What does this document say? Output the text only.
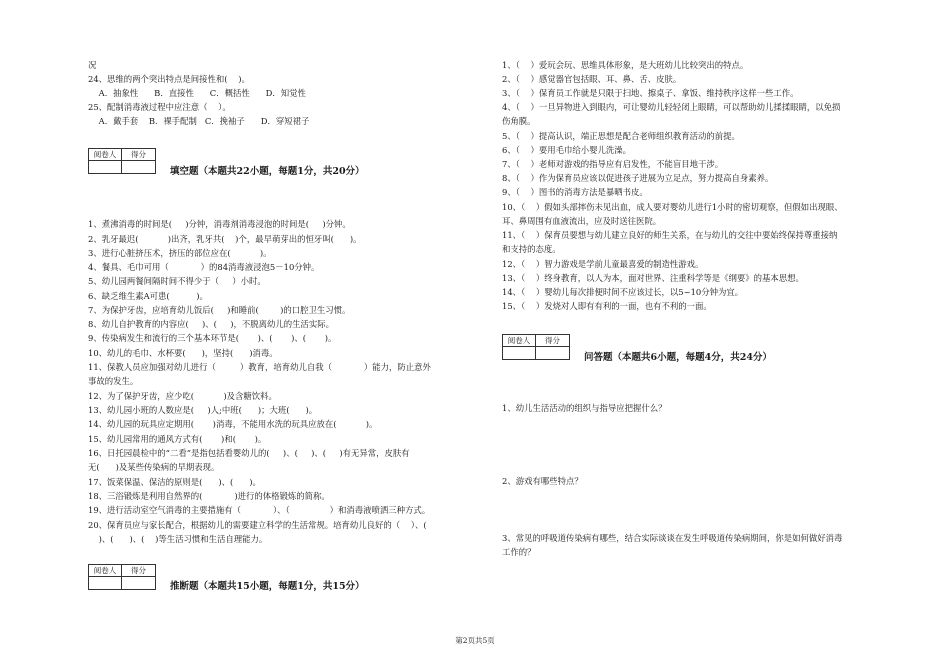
况
24、思维的两个突出特点是间接性和(    )。
A．抽象性      B．直接性      C．概括性      D．知觉性
25、配制消毒液过程中应注意（    ）。
A．戴手套    B．裸手配制   C．挽袖子      D．穿短裙子
阅卷人	得分
填空题（本题共22小题，每题1分，共20分）
1、煮沸消毒的时间是(     )分钟，消毒剂消毒浸泡的时间是(     )分钟。
2、乳牙最迟(           )出齐，乳牙共(    )个，最早萌芽出的恒牙叫(      )。
3、进行心脏挤压术，挤压的部位应在(           )。
4、餐具、毛巾可用（            ）的84消毒液浸泡5－10分钟。
5、幼儿园两餐间隔时间不得少于（     ）小时。
6、缺乏维生素A可患(          )。
7、为保护牙齿，应培育幼儿饭后(     )和睡前(        )的口腔卫生习惯。
8、幼儿自护教育的内容应(     )、(     )，不脱离幼儿的生活实际。
9、传染病发生和流行的三个基本环节是(       )、(       )、(       )。
10、幼儿的毛巾、水杯要(      )，坚持(      )消毒。
11、保教人员应加强对幼儿进行（         ）教育，培育幼儿自我（            ）能力，防止意外
事故的发生。
12、为了保护牙齿，应少吃(           )及含糖饮料。
13、幼儿园小班的人数应是(     )人;中班(      )；大班(      )。
14、幼儿园的玩具应定期用(       )消毒，不能用水洗的玩具应放在(           )。
15、幼儿园常用的通风方式有(       )和(       )。
16、日托园晨检中的“二看”是指包括看婴幼儿的(     )、(     )、(     )有无异常，皮肤有
无(      )及某些传染病的早期表现。
17、饭菜保温、保洁的原则是(      )、(      )。
18、三浴锻炼是利用自然界的(            )进行的体格锻炼的简称。
19、进行活动室空气消毒的主要措施有（            ）、（               ）和消毒液喷洒三种方式。
20、保育员应与家长配合，根据幼儿的需要建立科学的生活常规。培育幼儿良好的（    ）、(
)、(      )、(    )等生活习惯和生活自理能力。
阅卷人	得分
推断题（本题共15小题，每题1分，共15分）
1、（    ）爱玩会玩、思维具体形象，是大班幼儿比较突出的特点。
2、（    ）感觉器官包括眼、耳、鼻、舌、皮肤。
3、（    ）保育员工作就是只限于扫地、擦桌子、拿饭、维持秩序这样一些工作。
4、（    ）一旦异物进入到眼内，可让婴幼儿轻轻闭上眼睛，可以帮助幼儿揉揉眼睛，以免损
伤角膜。
5、（    ）提高认识，端正思想是配合老师组织教育活动的前提。
6、（    ）要用毛巾给小婴儿洗澡。
7、（    ）老师对游戏的指导应有启发性，不能盲目地干涉。
8、（    ）作为保育员应该以促进孩子进展为立足点，努力提高自身素养。
9、（    ）图书的消毒方法是暴晒书皮。
10、（    ）假如头部摔伤未见出血，成人要对婴幼儿进行1小时的密切观察，但假如出现眼、
耳、鼻周围有血液流出，应及时送往医院。
11、（    ）保育员要想与幼儿建立良好的师生关系，在与幼儿的交往中要始终保持尊重接纳
和支持的态度。
12、（    ）智力游戏是学前儿童最喜爱的制造性游戏。
13、（    ）终身教育，以人为本，面对世界、注重科学等是《纲要》的基本思想。
14、（    ）婴幼儿每次排便时间不应该过长，以5~10分钟为宜。
15、（    ）发烧对人即有有利的一面，也有不利的一面。
阅卷人	得分
问答题（本题共6小题，每题4分，共24分）
1、幼儿生活活动的组织与指导应把握什么？
2、游戏有哪些特点？
3、常见的呼吸道传染病有哪些，结合实际谈谈在发生呼吸道传染病期间，你是如何做好消毒
工作的？
第2页共5页
